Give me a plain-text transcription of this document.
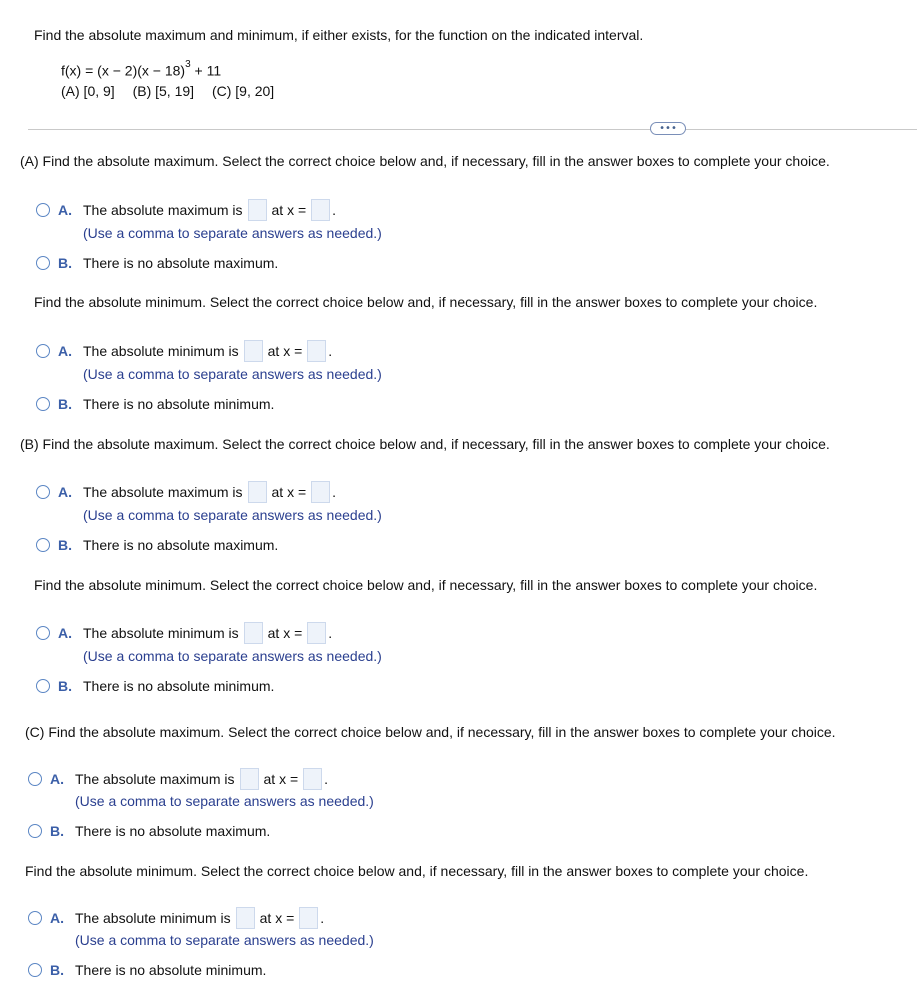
Find the absolute maximum and minimum, if either exists, for the function on the indicated interval.
$f(x) = (x - 2)(x - 18)^3 + 11$
(A) [0, 9] (B) [5, 19] (C) [9, 20]
•••
(A) Find the absolute maximum. Select the correct choice below and, if necessary, fill in the answer boxes to complete your choice.
A. The absolute maximum is at x = .
(Use a comma to separate answers as needed.)
B. There is no absolute maximum.
Find the absolute minimum. Select the correct choice below and, if necessary, fill in the answer boxes to complete your choice.
A. The absolute minimum is at x = .
(Use a comma to separate answers as needed.)
B. There is no absolute minimum.
(B) Find the absolute maximum. Select the correct choice below and, if necessary, fill in the answer boxes to complete your choice.
A. The absolute maximum is at x = .
(Use a comma to separate answers as needed.)
B. There is no absolute maximum.
Find the absolute minimum. Select the correct choice below and, if necessary, fill in the answer boxes to complete your choice.
A. The absolute minimum is at x = .
(Use a comma to separate answers as needed.)
B. There is no absolute minimum.
(C) Find the absolute maximum. Select the correct choice below and, if necessary, fill in the answer boxes to complete your choice.
A. The absolute maximum is at x = .
(Use a comma to separate answers as needed.)
B. There is no absolute maximum.
Find the absolute minimum. Select the correct choice below and, if necessary, fill in the answer boxes to complete your choice.
A. The absolute minimum is at x = .
(Use a comma to separate answers as needed.)
B. There is no absolute minimum.
